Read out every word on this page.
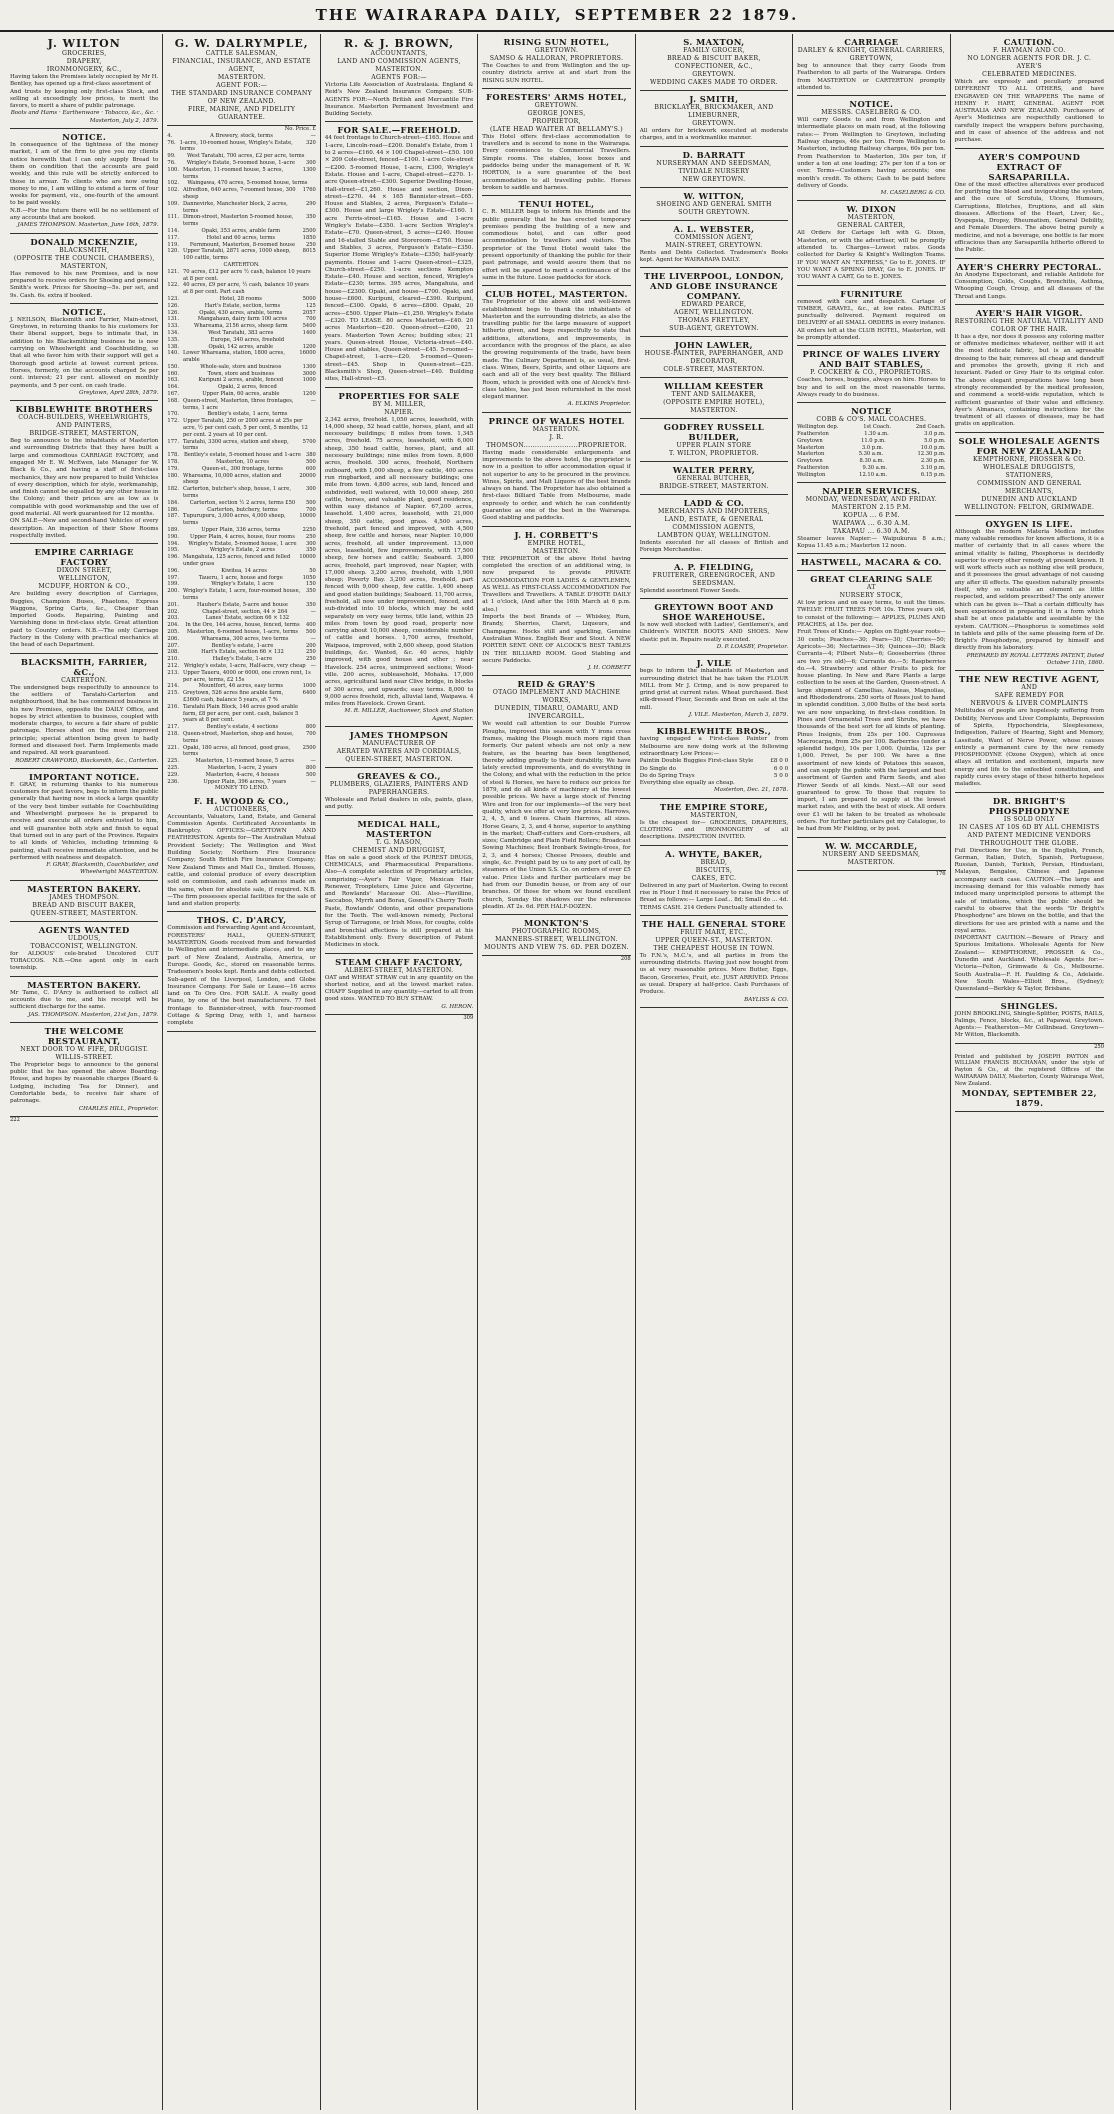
THE WAIRARAPA DAILY, SEPTEMBER 22 1879.
J. WILTON
GROCERIES,
DRAPERY,
IRONMONGERY, &C.,
Having taken the Premises lately occupied by Mr H. Bentley, has opened up a first-class assortment of
And trusts by keeping only first-class Stock, and selling at exceedingly low prices, to merit the favors, to merit a share of public patronage.
Boots and Hams · Earthenware · Tobacco, &c., &c. · Masterton, July 2, 1879.
NOTICE.
In consequence of the tightness of the money market, I am of the firm to give you my clients notice herewith that I can only supply Bread to them on condition that the accounts are paid weekly, and this rule will be strictly enforced to those in arrear. To clients who are now owing money to me, I am willing to extend a term of four weeks for payment, viz., one-fourth of the amount to be paid weekly.
N.B.—For the future there will be no settlement of any accounts that are booked.
JAMES THOMPSON. Masterton, June 16th, 1879.
DONALD MCKENZIE,
BLACKSMITH,
(OPPOSITE THE COUNCIL CHAMBERS),
MASTERTON,
Has removed to his new Premises, and is now prepared to receive orders for Shoeing and general Smith's work. Prices for Shoeing—5s. per set, and 9s. Cash. 6s. extra if booked.
NOTICE.
J. NEILSON, Blacksmith and Farrier, Main-street, Greytown, in returning thanks to his customers for their liberal support, begs to intimate that, in addition to his Blacksmithing business he is now carrying on Wheelwright and Coachbuilding, so that all who favor him with their support will get a thorough good article at lowest current prices. Horses, formerly, on the accounts charged 5s per cent. interest; 21 per cent. allowed on monthly payments, and 5 per cent. on cash trade.
Greytown, April 28th, 1879.
KIBBLEWHITE BROTHERS
COACH-BUILDERS, WHEELWRIGHTS, AND PAINTERS,
BRIDGE-STREET, MASTERTON,
Beg to announce to the inhabitants of Masterton and surrounding Districts that they have built a large and commodious CARRIAGE FACTORY, and engaged Mr E. W. McEwen, late Manager for W. Black & Co., and having a staff of first-class mechanics, they are now prepared to build Vehicles of every description, which for style, workmanship, and finish cannot be equalled by any other house in the Colony; and their prices are as low as is compatible with good workmanship and the use of good material. All work guaranteed for 12 months.
ON SALE—New and second-hand Vehicles of every description. An inspection of their Show Rooms respectfully invited.
EMPIRE CARRIAGE FACTORY
DIXON STREET,
WELLINGTON,
MCDUFF, HORTON & CO.,
Are building every description of Carriages, Buggies, Champion Buses, Phaetons, Express Waggons, Spring Carts, &c., Cheaper than Imported Goods. Repairing, Painting and Varnishing done in first-class style. Great attention paid to Country orders. N.B.—The only Carriage Factory in the Colony with practical mechanics at the head of each Department.
BLACKSMITH, FARRIER, &C.,
CARTERTON.
The undersigned begs respectfully to announce to the settlers of Taratahi-Carterton and neighbourhood, that he has commenced business in his new Premises, opposite the DAILY Office, and hopes by strict attention to business, coupled with moderate charges, to secure a fair share of public patronage. Horses shod on the most improved principle; special attention being given to badly formed and diseased feet. Farm Implements made and repaired. All work guaranteed.
ROBERT CRAWFORD, Blacksmith, &c., Carterton.
IMPORTANT NOTICE.
F. GRAY, in returning thanks to his numerous customers for past favors, begs to inform the public generally that having now in stock a large quantity of the very best timber suitable for Coachbuilding and Wheelwright purposes he is prepared to receive and execute all orders entrusted to him, and will guarantee both style and finish to equal that turned out in any part of the Province. Repairs to all kinds of Vehicles, including trimming & painting, shall receive immediate attention, and be performed with neatness and despatch.
F. GRAY, Blacksmith, Coachbuilder, and Wheelwright MASTERTON.
MASTERTON BAKERY.
JAMES THOMPSON.
BREAD AND BISCUIT BAKER,
QUEEN-STREET, MASTERTON.
AGENTS WANTED
ULDOUS,
TOBACCONIST, WELLINGTON.
for ALDOUS' cele-brated Uncolored CUT TOBACCOS. N.B.—One agent only in each township.
MASTERTON BAKERY.
Mr Tame, C. D'Arcy is authorised to collect all accounts due to me, and his receipt will be sufficient discharge for the same.
JAS. THOMPSON. Masterton, 21st Jan., 1879.
THE WELCOME RESTAURANT,
NEXT DOOR TO W. FIFE, DRUGGIST.
WILLIS-STREET.
The Proprietor begs to announce to the general public that he has opened the above Boarding-House, and hopes by reasonable charges (Board & Lodging, including Tea for Dinner), and Comfortable beds, to receive fair share of patronage.
CHARLES HILL, Proprietor.
222
G. W. DALRYMPLE,
CATTLE SALESMAN,
FINANCIAL, INSURANCE, AND ESTATE AGENT,
MASTERTON.
AGENT FOR:—
THE STANDARD INSURANCE COMPANY OF NEW ZEALAND.
FIRE, MARINE, AND FIDELITY GUARANTEE.
No. Price. £
4.	A Brewery, stock, terms	—
76. 1-acre, 10-roomed house, Wrigley's Estate, terms
320
99. West Taratahi, 700 acres, £2 per acre, terms
76. Wrigley's Estate, 5-roomed house, 1-acre 300
100. Masterton, 11-roomed house, 5 acres, terms
1300
102. Waingawa, 470 acres, 5-roomed house, terms
102. Alfredton, 640 acres, 7-roomed house, 300 sheep
1760
109. Dannevirke, Manchester block, 2 acres, terms
290
111. Dimon-street, Masterton 5-roomed house, terms
350
114.	Opaki, 353 acres, arable farm	2500
117.	Hotel and 60 acres, terms	1850
119. Fernmount, Masterton, 8-roomed house 250
120. Upper Taratahi, 2871 acres, 1000 sheep, 100 cattle, terms
8015
CARTERTON.
121. 70 acres, £12 per acre ½ cash, balance 10 years at 8 per cent.
122. 40 acres, £9 per acre, ½ cash, balance 10 years at 8 per cent. Part cash
123.	Hotel, 28 rooms	5000
126.	Hart's Estate, section, terms	125
126.	Opaki, 430 acres, arable, terms	2057
131.	Mangahaun, dairy farm 100 acres	700
133.	Whareama, 2156 acres, sheep farm	5400
134.	West Taratahi, 383 acres	1400
135.	Europe, 340 acres, freehold
138.	Opaki, 142 acres, arable	1200
140. Lower Whareama, station, 1800 acres, arable
16000
150.	Whole-sale, store and business	1300
160.	Town, store and business	3000
163.	Kuripuni 2 acres, arable, fenced	1000
164.	Opaki, 2 acres, fenced
167.	Upper Plain, 60 acres, arable	1200
168. Queen-street, Masterton, three frontages, terms, 1 acre
—
170.	Bentley's estate, 1 acre, terms
172. Upper Taratahi, 250 or 2000 acres at 25s per acre, ½ per cent cash, 5 per cent, 5 months, 12 per cent. 2 years at 10 per cent.
177. Taratahi, 3300 acres, station and sheep, terms
5700
178. Bentley's estate, 5-roomed house and 1-acre 380
178.	Masterton, 10 acres	500
179.	Queen-st., 300 frontage, terms	600
180. Whareama, 10,000 acres, station and sheep
20000
182. Carterton, butcher's shop, house, 1 acre, terms
300
184. Carterton, section ½ 2 acres, terms £50 500
186.	Carterton, butchery, terms	700
187. Tupurupuru, 3,000 acres, 4,000 sheep, terms
10000
189.	Upper Plain, 336 acres, terms	2250
190. Upper Plain, 4 acres, house, four rooms 250
194. Wrigley's Estate, 5-roomed house, 1 acre 300
195.	Wrigley's Estate, 2 acres	350
196. Mangahuia, 125 acres, fenced and felled under grass
10000
196.	Kiwitea, 14 acres	50
197.	Taueru, 1 acre, house and forge	1050
199.	Wrigley's Estate, 1 acre	150
200. Wrigley's Estate, 1 acre, four-roomed house, terms
350
201.	Hauher's Estate, 5-acre and house	350
202.	Chapel-street, section, 44 × 264	—
203.	Lanes' Estate, section 66 × 132
204. In the Ore, 144 acres, house, fenced, terms 400
205. Masterton, 6-roomed house, 1-acre, terms 500
206.	Whareama, 300 acres, two terms	—
207.	Bentley's estate, 1-acre	200
208.	Hart's Estate, section 66 × 132	250
210.	Hailey's Estate, 1-acre	250
212. Wrigley's estate, 1-acre, Half-acre, very cheap —
213. Upper Taueru, 4000 or 6000, one crown rent, 1s per acre, terms, £2 15s
214.	Mountfort, 46 acres, easy terms	1000
215. Greytown, 526 acres fine arable farm, £3600 cash, balance 5 years, at 7 %
6400
216. Taratahi Plain Block, 146 acres good arable farm, £8 per acre, per cent. cash, balance 5 years at 8 per cent.
217.	Bentley's estate, 4 sections	800
218. Queen-street, Masterton, shop and house, terms
700
221. Opaki, 180 acres, all fenced, good grass, terms
2500
225.	Masterton, 11-roomed house, 5 acres	—
225.	Masterton, 1-acre, 2 years	800
229.	Masterton, 4-acre, 4 houses	500
236.	Upper Plain, 396 acres, 7 years	—
MONEY TO LEND.
F. H. WOOD & CO.,
AUCTIONEERS,
Accountants, Valuators, Land, Estate, and General Commission Agents. Certificated Accountants in Bankruptcy. OFFICES:—GREYTOWN AND FEATHERSTON. Agents for—The Australian Mutual Provident Society; The Wellington and West Building Society; Northern Fire Insurance Company; South British Fire Insurance Company; New Zealand Times and Mail Co., limited. Houses, cattle, and colonial produce of every description sold on commission, and cash advances made on the same, when for absolute sale, if required. N.B.—The firm possesses special facilities for the sale of land and station property.
THOS. C. D'ARCY,
Commission and Forwarding Agent and Accountant, FORESTERS' HALL, QUEEN-STREET, MASTERTON. Goods received from and forwarded to Wellington and intermediate places, and to any part of New Zealand, Australia, America, or Europe. Goods, &c., stored on reasonable terms. Tradesmen's books kept. Rents and debts collected. Sub-agent of the Liverpool, London, and Globe Insurance Company. For Sale or Lease—16 acres land on To Oro Ore. FOR SALE. A really good Piano, by one of the best manufacturers. 77 feet frontage to Bannister-street, with four-roomed Cottage & Spring Dray, with 1, and harness complete
R. & J. BROWN,
ACCOUNTANTS,
LAND AND COMMISSION AGENTS,
MASTERTON.
AGENTS FOR:—
Victoria Life Association of Australasia. England & Reid's New Zealand Insurance Company. SUB-AGENTS FOR:—North British and Mercantile Fire Insurance. Masterton Permanent Investment and Building Society.
FOR SALE.—FREEHOLD.
44 feet frontage to Church-street—£165. House and 1-acre, Lincoln-road—£200. Donald's Estate, from 1 to 2 acres—£160. 44 × 100 Chapel-street—£50. 100 × 209 Cole-street, fenced—£100. 1-acre Cole-street—£200. 5-roomed House, 1-acre, £300, Wrigley's Estate. House and 1-acre, Chapel-street—£270. 1-acre Queen-street—£300. Superior Dwelling-House, Hall-street—£1,260. House and section, Dixon-street—£270. 44 × 165 Bannister-street—£65. House and Stables, 2 acres, Ferguson's Estate—£300. House and large Wrigley's Estate—£160. 1 acre Ferris-street—£165. House and 1-acre Wrigley's Estate—£350. 1-acre Section Wrigley's Estate—£70. Queen-street, 5 acres—£240. House and 16-stalled Stable and Storeroom—£750. House and Stables, 3 acres, Ferguson's Estate—£350. Superior Home Wrigley's Estate—£350; half-yearly payments. House and 1-acre Queen-street—£325, Church-street—£250. 1-acre sections Kempton Estate—£40. House and section, fenced, Wrigley's Estate—£230; terms. 395 acres, Mangahuia, and house—£2300. Opaki, and house—£700. Opaki, and house—£600. Kuripuni, cleared—£390. Kuripuni, fenced—£300. Opaki, 6 acres—£800. Opaki, 20 acres—£500. Upper Plain—£1,250. Wrigley's Estate—£320. TO LEASE. 80 acres Masterton—£40. 20 acres Masterton—£20. Queen-street—£200, 21 years. Masterton Town Acres; building sites; 21 years. Queen-street House, Victoria-street—£40. House and stables, Queen-street—£45. 5-roomed—Chapel-street, 1-acre—£20. 5-roomed—Queen-street—£45. Shop in Queen-street—£25. Blacksmith's Shop, Queen-street—£40. Building sites, Hall-street—£5.
PROPERTIES FOR SALE
BY M. MILLER,
NAPIER.
2,342 acres, freehold. 1,050 acres, leasehold, with 14,000 sheep, 52 head cattle, horses, plant, and all necessary buildings; 8 miles from town. 1,345 acres, freehold. 75 acres, leasehold, with 6,000 sheep, 350 head cattle, horses, plant, and all necessary buildings; nine miles from town. 8,600 acres, freehold. 300 acres, freehold, Northern outboard, with 1,000 sheep, a few cattle, 400 acres run ringbarked, and all necessary buildings; one mile from town. 4,800 acres, sub land, fenced and subdivided, well watered, with 10,000 sheep, 260 cattle, horses, and valuable plant, good residence, within easy distance of Napier. 67,200 acres, leasehold. 1,400 acres, leasehold, with 21,000 sheep, 350 cattle, good grass. 4,500 acres, freehold, part fenced and improved, with 4,500 sheep, few cattle and horses, near Napier. 10,000 acres, freehold, all under improvement. 13,000 acres, leasehold, few improvements, with 17,500 sheep, few horses and cattle; Seaboard. 3,800 acres, freehold, part improved, near Napier, with 17,000 sheep. 3,200 acres, freehold, with 1,900 sheep; Poverty Bay. 3,200 acres, freehold, part fenced with 9,000 sheep, few cattle. 1,400 sheep and good station buildings; Seaboard. 11,700 acres, freehold, all now under improvement, fenced, and sub-divided into 10 blocks, which may be sold separately on very easy terms, title land, within 25 miles from town by good road, property now carrying about 10,000 sheep, considerable number of cattle and horses. 1,700 acres, freehold, Waipaoa, improved, with 2,600 sheep, good Station buildings, &c. Wanted, &c. 40 acres, highly improved, with good house and other ; near Havelock. 254 acres, unimproved sections; Wood-ville. 200 acres, subleasehold, Mohaka. 17,000 acres, agricultural land near Clive bridge, in blocks of 300 acres, and upwards; easy terms. 8,000 to 9,000 acres freehold, rich, alluvial land, Waipawa. 4 miles from Havelock. Crown Grant.
M. R. MILLER, Auctioneer, Stock and Station Agent, Napier.
JAMES THOMPSON
MANUFACTURER OF
AERATED WATERS AND CORDIALS,
QUEEN-STREET, MASTERTON.
GREAVES & CO.,
PLUMBERS, GLAZIERS, PAINTERS AND PAPERHANGERS.
Wholesale and Retail dealers in oils, paints, glass, and putty.
MEDICAL HALL, MASTERTON
T. G. MASON,
CHEMIST AND DRUGGIST,
Has on sale a good stock of the PUREST DRUGS, CHEMICALS, and Pharmaceutical Preparations. Also—A complete selection of Proprietary articles, comprising:—Ayer's Fair Vigor, Mexican Hair Renewer, Troopleters, Lime Juice and Glycerine, and Rowlands' Macassar Oil. Also—Flavilline, Saccaboo, Myrrh and Borax, Gosnell's Cherry Tooth Paste, Rowlands' Odonto, and other preparations for the Teeth. The well-known remedy, Pectoral Syrup of Tarragone, or Irish Moss, for coughs, colds and bronchial affections is still prepared at his Establishment only. Every description of Patent Medicines in stock.
STEAM CHAFF FACTORY,
ALBERT-STREET, MASTERTON.
OAT and WHEAT STRAW cut in any quantity on the shortest notice, and at the lowest market rates. CHAFF Supplied in any quantity—carted to all from good sizes. WANTED TO BUY STRAW.
G. HERON.
309
RISING SUN HOTEL,
GREYTOWN.
SAMSO & HALLORAN, PROPRIETORS.
The Coaches to and from Wellington and the up-country districts arrive at and start from the RISING SUN HOTEL.
FORESTERS' ARMS HOTEL,
GREYTOWN.
GEORGE JONES,
PROPRIETOR,
(LATE HEAD WAITER AT BELLAMY'S.)
This Hotel offers first-class accommodation to travellers and is second to none in the Wairarapa. Every convenience to Commercial Travellers. Simple rooms. The stables, loose boxes and paddocks being under the management of R. W. HORTON, is a sure guarantee of the best accommodation to all travelling public. Horses broken to saddle and harness.
TENUI HOTEL,
C. R. MILLER begs to inform his friends and the public generally that he has erected temporary premises pending the building of a new and commodious hotel, and can offer good accommodation to travellers and visitors. The proprietor of the Tenui Hotel would take the present opportunity of thanking the public for their past patronage, and would assure them that no effort will be spared to merit a continuance of the same in the future. Loose paddocks for stock.
CLUB HOTEL, MASTERTON.
The Proprietor of the above old and well-known establishment begs to thank the inhabitants of Masterton and the surrounding districts, as also the travelling public for the large measure of support hitherto given, and begs respectfully to state that additions, alterations, and improvements, in accordance with the progress of the place, as also the growing requirements of the trade, have been made. The Culinary Department is, as usual, first-class. Wines, Beers, Spirits, and other Liquors are each and all of the very best quality. The Billiard Room, which is provided with one of Alcock's first-class tables, has just been refurnished in the most elegant manner.
A. ELKINS Proprietor.
PRINCE OF WALES HOTEL
MASTERTON.
J. R. THOMSON........................PROPRIETOR.
Having made considerable enlargements and improvements to the above hotel, the proprietor is now in a position to offer accommodation equal if not superior to any to be procured in the province. Wines, Spirits, and Malt Liquors of the best brands always on hand. The Proprietor has also obtained a first-class Billiard Table from Melbourne, made expressly to order, and which he can confidently guarantee as one of the best in the Wairarapa. Good stabling and paddocks.
J. H. CORBETT'S
EMPIRE HOTEL,
MASTERTON.
THE PROPRIETOR of the above Hotel having completed the erection of an additional wing, is now prepared to provide PRIVATE ACCOMMODATION FOR LADIES & GENTLEMEN, AS WELL AS FIRST-CLASS ACCOMMODATION For Travellers and Travellers. A TABLE D'HOTE DAILY at 1 o'clock, (And after the 16th March at 6 p.m. also.)
Imports the best Brands of — Whiskey, Rum, Brandy, Sherries, Claret, Liqueurs, and Champagne. Hocks still and sparkling, Genuine Australian Wines. English Beer and Stout. A NEW PORTER SENT. ONE OF ALCOCK'S BEST TABLES IN THE BILLIARD ROOM. Good Stabling and secure Paddocks.
J. H. CORBETT
REID & GRAY'S
OTAGO IMPLEMENT AND MACHINE WORKS,
DUNEDIN, TIMARU, OAMARU, AND INVERCARGILL.
We would call attention to our Double Furrow Ploughs, improved this season with Y irons cross frames, making the Plough much more rigid than formerly. Our patent wheels are not only a new feature, as the bearing has been lengthened, thereby adding greatly to their durability. We have lately erected improvements, and do everything in the Colony, and what with the reduction in the price of steel & Horses, we have to reduce our prices for 1879, and do all kinds of machinery at the lowest possible prices. We have a large stock of Fencing Wire and Iron for our implements—of the very best quality, which we offer at very low prices. Harrows, 2, 4, 5, and 6 leaves. Chain Harrows, all sizes. Horse Gears, 2, 3, and 4 horse, superior to anything in the market; Chaff-cutters and Corn-crushers, all sizes; Cambridge and Plain Field Rollers; Broadcast Sowing Machines; Best Ironbark Swingle-trees, for 2, 3, and 4 horses; Cheese Presses, double and single, &c. Freight paid by us to any port of call, by steamers of the Union S.S. Co. on orders of over £5 value. Price Lists and further particulars may be had from our Dunedin house, or from any of our branches. Of those for whom we found excellent church, Sunday the shadows our the references pleadin. AT 2s. 6d. PER HALF-DOZEN.
MONKTON'S
PHOTOGRAPHIC ROOMS,
MANNERS-STREET, WELLINGTON.
MOUNTS AND VIEW 7S. 6D. PER DOZEN.
208
S. MAXTON,
FAMILY GROCER,
BREAD & BISCUIT BAKER, CONFECTIONER, &C.,
GREYTOWN.
WEDDING CAKES MADE TO ORDER.
J. SMITH,
BRICKLAYER, BRICKMAKER, AND LIMEBURNER,
GREYTOWN.
All orders for brickwork executed at moderate charges, and in a workmanlike manner.
D. BARRATT
NURSERYMAN AND SEEDSMAN,
TIVIDALE NURSERY
NEW GREYTOWN.
W. WITTON,
SHOEING AND GENERAL SMITH
SOUTH GREYTOWN.
A. L. WEBSTER,
COMMISSION AGENT,
MAIN-STREET, GREYTOWN.
Rents and Debts Collected. Tradesmen's Books kept. Agent for WAIRARAPA DAILY.
THE LIVERPOOL, LONDON, AND GLOBE INSURANCE COMPANY.
EDWARD PEARCE,
AGENT, WELLINGTON.
THOMAS FRETTLEY,
SUB-AGENT, GREYTOWN.
JOHN LAWLER,
HOUSE-PAINTER, PAPERHANGER, AND
DECORATOR,
COLE-STREET, MASTERTON.
WILLIAM KEESTER
TENT AND SAILMAKER,
(OPPOSITE EMPIRE HOTEL),
MASTERTON.
GODFREY RUSSELL BUILDER,
UPPER PLAIN STORE
T. WILTON, PROPRIETOR.
WALTER PERRY,
GENERAL BUTCHER,
BRIDGE-STREET, MASTERTON.
LADD & CO.
MERCHANTS AND IMPORTERS,
LAND, ESTATE, & GENERAL COMMISSION AGENTS,
LAMBTON QUAY, WELLINGTON.
Indents executed for all classes of British and Foreign Merchandise.
A. P. FIELDING,
FRUITERER, GREENGROCER, AND SEEDSMAN.
Splendid assortment Flower Seeds.
GREYTOWN BOOT AND SHOE WAREHOUSE.
Is now well stocked with Ladies', Gentlemen's, and Children's WINTER BOOTS AND SHOES. New elastic put in. Repairs neatly executed.
D. P. LOASBY, Proprietor.
J. VILE
begs to inform the inhabitants of Masterton and surrounding district that he has taken the FLOUR MILL from Mr J. Crimp, and is now prepared to grind grist at current rates. Wheat purchased. Best silk-dressed Flour, Seconds and Bran on sale at the mill.
J. VILE. Masterton, March 3, 1879.
KIBBLEWHITE BROS.,
having engaged a First-class Painter from Melbourne are now doing work at the following extraordinary Low Prices:—
Paintin Double Buggies First-class Style	£8 0 0
Do Single do	6 0 0
Do do Spring Trays	5 0 0
Everything else equally as cheap.
Masterton, Dec. 21, 1878.
THE EMPIRE STORE,
MASTERTON,
Is the cheapest for— GROCERIES, DRAPERIES, CLOTHING and IRONMONGERY of all descriptions. INSPECTION INVITED.
A. WHYTE, BAKER,
BREAD,
BISCUITS,
CAKES, ETC.
Delivered in any part of Masterton. Owing to recent rise in Flour I find it necessary to raise the Price of Bread as follows:— Large Loaf... 8d; Small do ... 4d. TERMS CASH. 214 Orders Punctually attended to.
THE HALL GENERAL STORE
FRUIT MART, ETC.,
UPPER QUEEN-ST., MASTERTON.
THE CHEAPEST HOUSE IN TOWN.
To F.N.'s, M.C.'s, and all parties in from the surrounding districts. Having just now bought from us at very reasonable prices. More Butter, Eggs, Bacon, Groceries, Fruit, etc. JUST ARRIVED. Prices as usual. Drapery at half-price. Cash Purchases of Produce.
BAYLISS & CO.
CARRIAGE
DARLEY & KNIGHT, GENERAL CARRIERS, GREYTOWN,
beg to announce that they carry Goods from Featherston to all parts of the Wairarapa. Orders from MASTERTON or CARTERTON promptly attended to.
NOTICE.
MESSRS. CASELBERG & CO.
Will carry Goods to and from Wellington and intermediate places on main road, at the following rates:— From Wellington to Greytown, including Railway charges, 46s per ton. From Wellington to Masterton, including Railway charges, 60s per ton. From Featherston to Masterton, 30s per ton, if under a ton at one loading; 27s per ton if a ton or over. Terms—Customers having accounts; one month's credit. To others; Cash to be paid before delivery of Goods.
M. CASELBERG & CO.
W. DIXON
MASTERTON,
GENERAL CARTER,
All Orders for Cartage left with G. Dixon, Masterton, or with the advertiser, will be promptly attended to. Charges—Lowest rates. Goods collected for Darley & Knight's Wellington Teams. IF YOU WANT AN "EXPRESS," Go to E. JONES. IF YOU WANT A SPRING DRAY, Go to E. JONES. IF YOU WANT A CART, Go to E. JONES.
FURNITURE
removed with care and despatch. Cartage of TIMBER, GRAVEL, &c., at low rates. PARCELS punctually delivered. Payment required on DELIVERY of all SMALL ORDERS in every instance. All orders left at the CLUB HOTEL, Masterton, will be promptly attended.
PRINCE OF WALES LIVERY AND BAIT STABLES,
P. COCKERY & CO., PROPRIETORS.
Coaches, horses, buggies, always on hire. Horses to buy and to sell on the most reasonable terms. Always ready to do business.
NOTICE
COBB & CO'S. MAIL COACHES.
Wellington dep.	1st Coach.	2nd Coach.
Featherston	1.30 a.m.	3.0 p.m.
Greytown	11.0 p.m.	5.0 p.m.
Masterton	3.0 p.m.	10.0 p.m.
Masterton	5.30 a.m.	12.30 p.m.
Greytown	8.30 a.m.	2.30 p.m.
Featherston	9.30 a.m.	3.10 p.m.
Wellington	12.10 a.m.	6.15 p.m.
NAPIER SERVICES.
MONDAY, WEDNESDAY, AND FRIDAY.
MASTERTON 2.15 P.M.
KOPUA ... 6 P.M.
WAIPAWA ... 6.30 A.M.
TAKAPAU ... 6.30 A.M.
Steamer leaves Napier:— Waipukurau 8 a.m.; Kopua 11.45 a.m.; Masterton 12 noon.
HASTWELL, MACARA & CO.
GREAT CLEARING SALE
AT
NURSERY STOCK,
At low prices and on easy terms, to suit the times. TWELVE FRUIT TREES FOR 10s. Three years old, to consist of the following:— APPLES, PLUMS AND PEACHES, at 15s. per doz.
Fruit Trees of Kinds:— Apples on Eight-year roots—30 cents; Peaches—30; Pears—30; Cherries—50; Apricots—36; Nectarines—36; Quinces—30; Black Currants—4; Filbert Nuts—6; Gooseberries (three are two yrs old)—6; Currants do.—5; Raspberries do.—4. Strawberry and other Fruits to pick for house planting. In New and Rare Plants a large collection to be seen at the Garden, Queen-street. A large shipment of Camellias, Azaleas, Magnolias, and Rhododendrons. 250 sorts of Roses just to hand in splendid condition. 3,000 Bulbs of the best sorts we are now unpacking, in first-class condition. In Pines and Ornamental Trees and Shrubs, we have thousands of the best sort for all kinds of planting. Pinus Insignis, from 25s per 100. Cupressus Macrocarpa, from 25s per 100. Barberries (under a splendid hedge), 10s per 1,000. Quinlia, 12s per 1,000. Privet, 5s per 100. We have a fine assortment of new kinds of Potatoes this season, and can supply the public with the largest and best assortment of Garden and Farm Seeds, and also Flower Seeds of all kinds. Next.—All our seed guaranteed to grow. To those that require to import, I am prepared to supply at the lowest market rates, and with the best of stock. All orders over £1 will be taken to be treated as wholesale orders. For further particulars get my Catalogue, to be had from Mr Fielding, or by post.
W. W. MCCARDLE,
NURSERY AND SEEDSMAN,
MASTERTON.
176
CAUTION.
F. HAYMAN AND CO.
NO LONGER AGENTS FOR DR. J. C. AYER'S
CELEBRATED MEDICINES.
Which are expressly and peculiarly prepared DIFFERENT TO ALL OTHERS, and have ENGRAVED ON THE WRAPPERS The name of HENRY F. HART, GENERAL AGENT FOR AUSTRALIA AND NEW ZEALAND. Purchasers of Ayer's Medicines are respectfully cautioned to carefully inspect the wrappers before purchasing, and in case of absence of the address and not purchase.
AYER'S COMPOUND EXTRACT OF SARSAPARILLA.
One of the most effective alteratives ever produced for purifying the blood and invigorating the system, and the cure of Scrofula, Ulcers, Humours, Carruptions, Blotches, Eruptions, and all skin diseases. Affections of the Heart, Liver, &c., Dyspepsia, Dropsy, Rheumatism, General Debility, and Female Disorders. The above being purely a medicine, and not a beverage, one bottle is far more efficacious than any Sarsaparilla hitherto offered to the Public.
AYER'S CHERRY PECTORAL.
An Anodyne Expectorant, and reliable Antidote for Consumption, Colds, Coughs, Bronchitis, Asthma, Whooping Cough, Croup, and all diseases of the Throat and Lungs.
AYER'S HAIR VIGOR.
RESTORING THE NATURAL VITALITY AND COLOR OF THE HAIR.
It has a dye, nor does it possess any coloring matter or offensive medicines whatever, neither will it act the most delicate fabric, but is an agreeable dressing to the hair, removes all cheap and dandruff and promotes the growth, giving it rich and luxuriant. Faded or Grey Hair to its original color. The above elegant preparations have long been strongly recommended by the medical profession, and commend a world-wide reputation, which is sufficient guarantee of their value and efficiency. Ayer's Almanacs, containing instructions for the treatment of all classes of diseases, may be had gratis on application.
SOLE WHOLESALE AGENTS FOR NEW ZEALAND:
KEMPTHORNE, PROSSER & CO.
WHOLESALE DRUGGISTS,
STATIONERS,
COMMISSION AND GENERAL MERCHANTS,
DUNEDIN AND AUCKLAND
WELLINGTON: FELTON, GRIMWADE.
OXYGEN IS LIFE.
Although the modern Materia Medica includes many valuable remedies for known affections, it is a matter of certainty that in all cases where the animal vitality is failing, Phosphorus is decidedly superior to every other remedy at present known. It will work effects such as nothing else will produce, and it possesses the great advantage of not causing any after ill effects. The question naturally presents itself, why so valuable an element as little respected, and seldom prescribed? The only answer which can be given is—That a certain difficulty has been experienced in preparing it in a form which shall be at once palatable and assimilable by the system. CAUTION.—Phosphorus is sometimes sold in tablets and pills of the same pleasing form of Dr. Bright's Phosphodyne, prepared by himself and directly from his laboratory.
PREPARED BY ROYAL LETTERS PATENT, Dated October 11th, 1860.
THE NEW RECTIVE AGENT,
AND
SAFE REMEDY FOR
NERVOUS & LIVER COMPLAINTS
Multitudes of people are hopelessly suffering from Debility, Nervous and Liver Complaints, Depression of Spirits, Hypochondria, Sleeplessness, Indigestion, Failure of Hearing, Sight and Memory, Lassitude, Want of Nerve Power, whose causes entirely a permanent cure by the new remedy PHOSPHODYNE (Ozone Oxygen), which at once allays all irritation and excitement, imparts new energy and life to the enfeebled constitution, and rapidly cures every stage of these hitherto hopeless maladies.
DR. BRIGHT'S PHOSPHODYNE
IS SOLD ONLY
IN CASES AT 10S 6D BY ALL CHEMISTS AND PATENT MEDICINE VENDORS THROUGHOUT THE GLOBE.
Full Directions for Use, in the English, French, German, Italian, Dutch, Spanish, Portuguese, Russian, Danish, Turkish, Persian, Hindustani, Malayan, Bengalee, Chinese and Japanese accompany each case. CAUTION.—The large and increasing demand for this valuable remedy has induced many unprincipled persons to attempt the sale of imitations, which the public should be careful to observe that the words "Dr Bright's Phosphodyne" are blown on the bottle, and that the directions for use are printed with a name and the royal arms.
IMPORTANT CAUTION.—Beware of Piracy and Spurious Imitations. Wholesale Agents for New Zealand:— KEMPTHORNE, PROSSER & Co., Dunedin and Auckland. Wholesale Agents for:— Victoria—Felton, Grimwade & Co., Melbourne. South Australia—F. H. Faulding & Co., Adelaide. New South Wales—Elliott Bros., (Sydney); Queensland—Berkley & Taylor, Brisbane.
SHINGLES.
JOHN BROOKLING, Shingle-Splitter, POSTS, RAILS, Palings, Fence, blocks, &c., at Papawai, Greytown. Agents:— Featherston—Mr Collinbead. Greytown—Mr Witton, Blacksmith.
250
Printed and published by JOSEPH PAYTON and WILLIAM FRANCIS BUCHANAN, under the style of Payton & Co., at the registered Offices of the WAIRARAPA DAILY, Masterton, County Wairarapa West, New Zealand.
MONDAY, SEPTEMBER 22, 1879.
